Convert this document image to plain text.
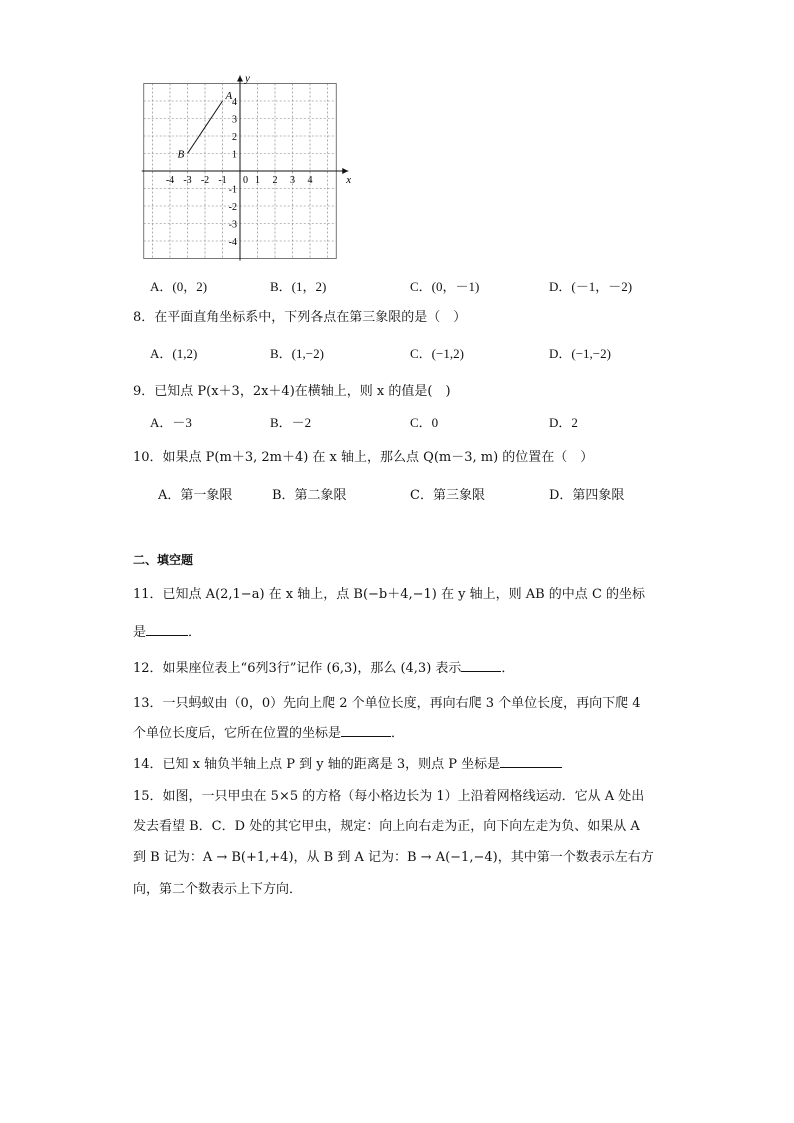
-4 -3 -2 -1	1 2 3 4
4
3
2
1
-1
-2
-3
-4
A
B
x
y
0
A．(0，2)	B．(1，2)	C．(0，－1)	D．(－1，－2)
8．在平面直角坐标系中，下列各点在第三象限的是（　）
A．(1,2)	B．(1,−2)	C．(−1,2)	D．(−1,−2)
9．已知点 P(x＋3，2x＋4)在横轴上，则 x 的值是(　)
A．－3	B．－2	C．0	D．2
10．如果点 P(m＋3, 2m＋4) 在 x 轴上，那么点 Q(m－3, m) 的位置在（　）
A．第一象限	B．第二象限	C．第三象限	D．第四象限
二、填空题
11．已知点 A(2,1−a) 在 x 轴上，点 B(−b＋4,−1) 在 y 轴上，则 AB 的中点 C 的坐标
是	．
12．如果座位表上“6列3行”记作 (6,3)，那么 (4,3) 表示	．
13．一只蚂蚁由（0，0）先向上爬 2 个单位长度，再向右爬 3 个单位长度，再向下爬 4
个单位长度后，它所在位置的坐标是	．
14．已知 x 轴负半轴上点 P 到 y 轴的距离是 3，则点 P 坐标是
15．如图，一只甲虫在 5×5 的方格（每小格边长为 1）上沿着网格线运动．它从 A 处出
发去看望 B．C．D 处的其它甲虫，规定：向上向右走为正，向下向左走为负、如果从 A
到 B 记为：A → B(+1,+4)，从 B 到 A 记为：B → A(−1,−4)，其中第一个数表示左右方
向，第二个数表示上下方向．
